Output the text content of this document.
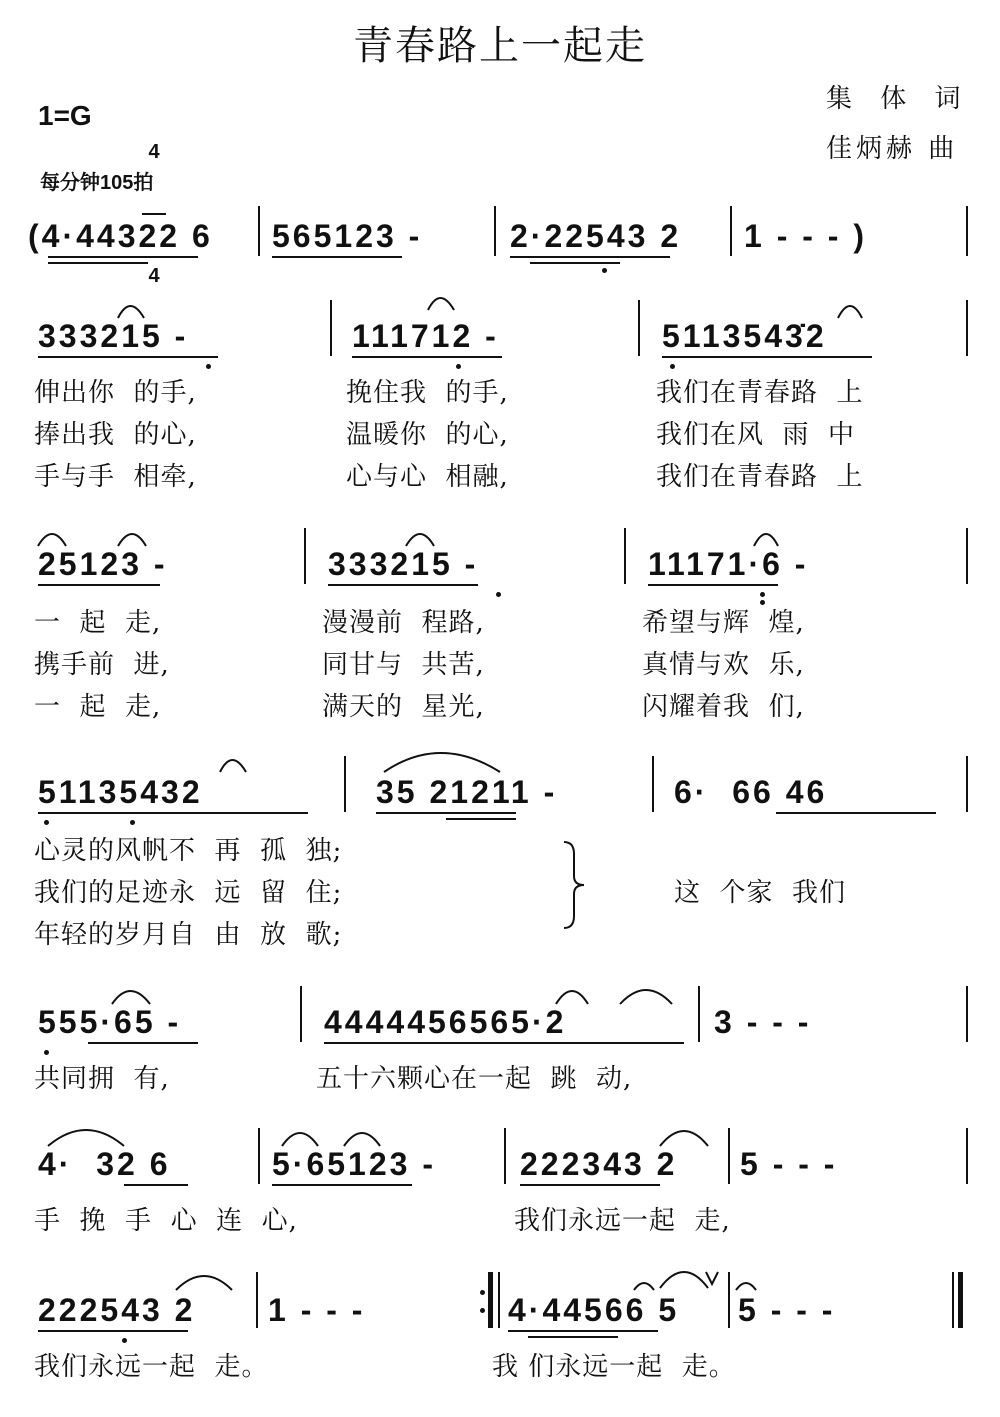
青春路上一起走
1=G

4

4

每分钟105拍
集 体 词
佳炳赫 曲
(4·44322 6 565123 -	2·22543 2 1 - - - )
333215 -	111712 -	5113543̇2
伸出你  的手,	挽住我  的手,	我们在青春路  上
捧出我  的心,	温暖你  的心,	我们在风  雨  中
手与手  相牵,	心与心  相融,	我们在青春路  上
25123 -	333215 -	11171·6 -
一  起  走,	漫漫前  程路,	希望与辉  煌,
携手前  进,	同甘与  共苦,	真情与欢  乐,
一  起  走,	满天的  星光,	闪耀着我  们,
51135432	35 21211 -	6·  66 46
心灵的风帆不  再  孤  独;
我们的足迹永  远  留  住;
年轻的岁月自  由  放  歌;
这  个家  我们
555·65 -	4444456565·2	3 - - -
共同拥  有,	五十六颗心在一起  跳  动,
4·  32 6	5·65123 -	222343 2 5 - - -
手  挽  手  心  连  心,	我们永远一起  走,
222543 2 1 - - -	4·44566 5 5 - - -
我们永远一起  走。	我 们永远一起  走。
